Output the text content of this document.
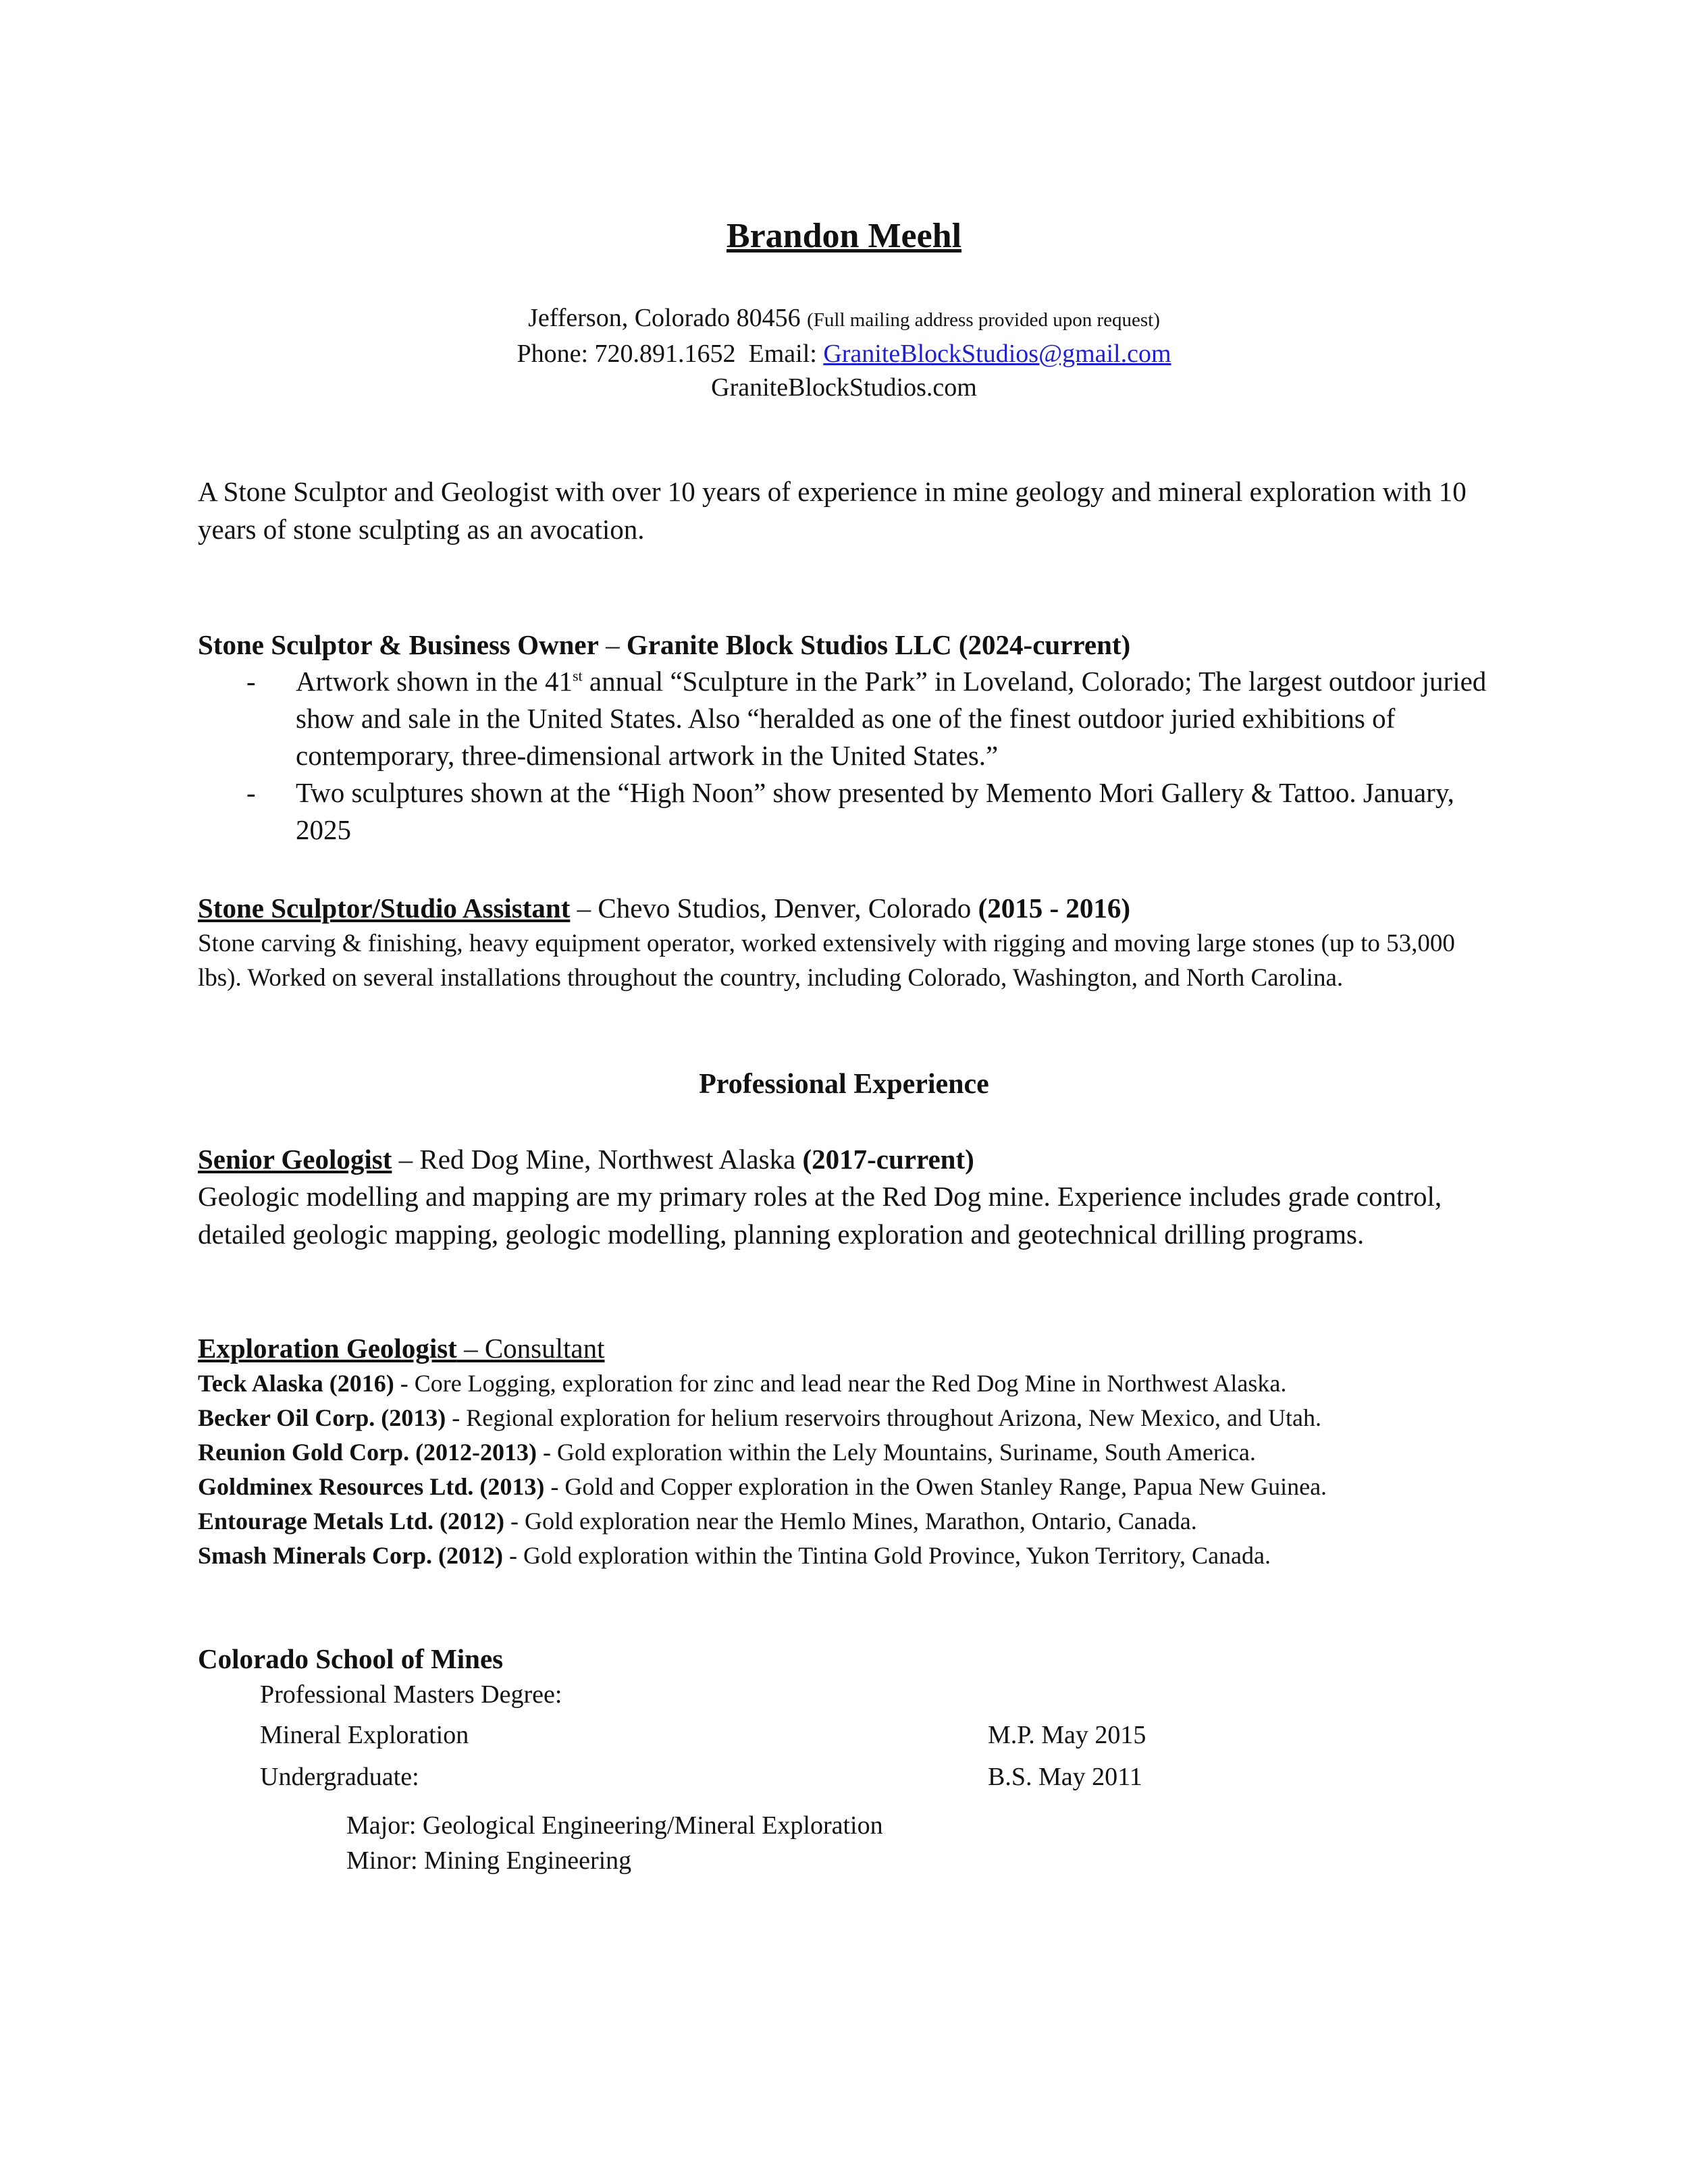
Brandon Meehl
Jefferson, Colorado 80456 (Full mailing address provided upon request)
Phone: 720.891.1652 Email: GraniteBlockStudios@gmail.com
GraniteBlockStudios.com
A Stone Sculptor and Geologist with over 10 years of experience in mine geology and mineral exploration with 10 years of stone sculpting as an avocation.
Stone Sculptor & Business Owner – Granite Block Studios LLC (2024-current)
- Artwork shown in the 41st annual “Sculpture in the Park” in Loveland, Colorado; The largest outdoor juried show and sale in the United States. Also “heralded as one of the finest outdoor juried exhibitions of contemporary, three-dimensional artwork in the United States.”
- Two sculptures shown at the “High Noon” show presented by Memento Mori Gallery & Tattoo. January, 2025
Stone Sculptor/Studio Assistant – Chevo Studios, Denver, Colorado (2015 - 2016)
Stone carving & finishing, heavy equipment operator, worked extensively with rigging and moving large stones (up to 53,000 lbs). Worked on several installations throughout the country, including Colorado, Washington, and North Carolina.
Professional Experience
Senior Geologist – Red Dog Mine, Northwest Alaska (2017-current)
Geologic modelling and mapping are my primary roles at the Red Dog mine. Experience includes grade control, detailed geologic mapping, geologic modelling, planning exploration and geotechnical drilling programs.
Exploration Geologist – Consultant
Teck Alaska (2016) - Core Logging, exploration for zinc and lead near the Red Dog Mine in Northwest Alaska.
Becker Oil Corp. (2013) - Regional exploration for helium reservoirs throughout Arizona, New Mexico, and Utah.
Reunion Gold Corp. (2012-2013) - Gold exploration within the Lely Mountains, Suriname, South America.
Goldminex Resources Ltd. (2013) - Gold and Copper exploration in the Owen Stanley Range, Papua New Guinea.
Entourage Metals Ltd. (2012) - Gold exploration near the Hemlo Mines, Marathon, Ontario, Canada.
Smash Minerals Corp. (2012) - Gold exploration within the Tintina Gold Province, Yukon Territory, Canada.
Colorado School of Mines
Professional Masters Degree:
Mineral Exploration	M.P. May 2015
Undergraduate:	B.S. May 2011
Major: Geological Engineering/Mineral Exploration
Minor: Mining Engineering
